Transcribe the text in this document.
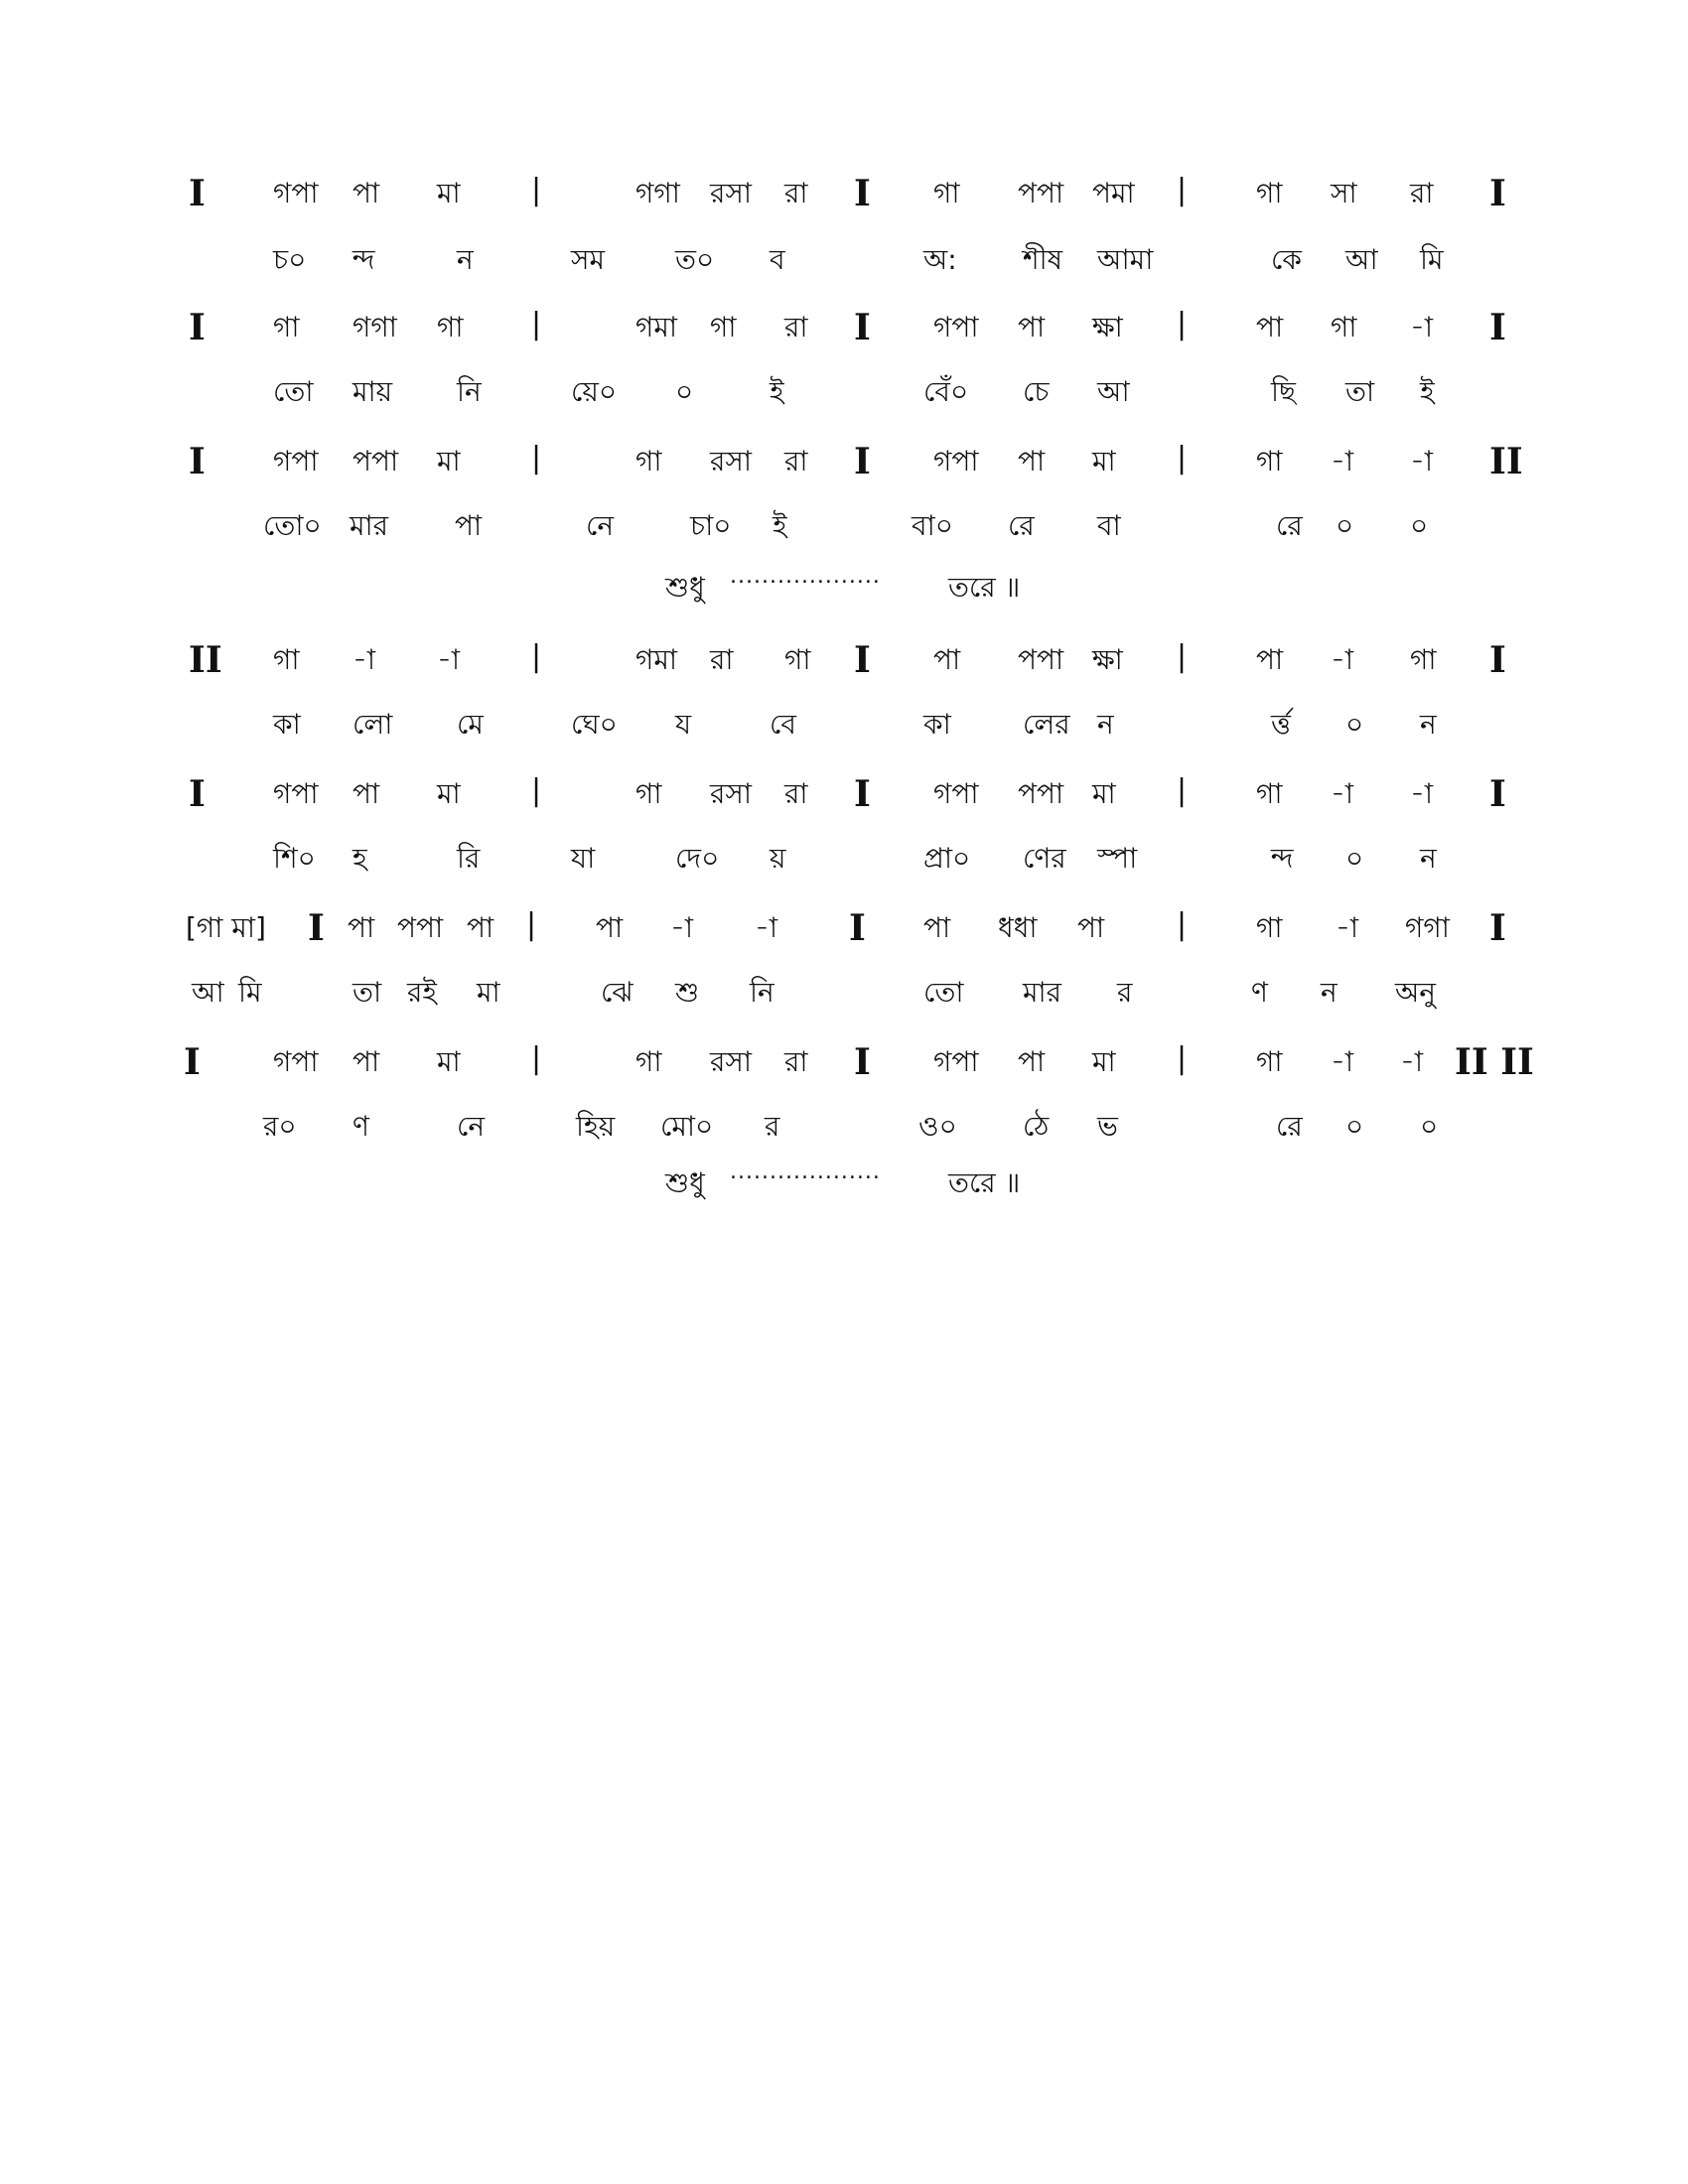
I গপা পা মা |	গগা রসা রা I গা পপা পমা | গা সা রা I
চ০ ন্দ	ন	সম	ত০ ব	অ: শীষ আমা	কে আ মি
I গা গগা গা |	গমা গা রা I গপা পা ক্ষা | পা গা -া I
তো মায় নি	য়ে০ ০	ই	বেঁ০ চে আ	ছি তা ই
I গপা পপা মা |	গা রসা রা I গপা পা মা | গা -া -া II
তো০ মার পা	নে	চা০ ই	বা০ রে বা	রে ০ ০
II গা -া -া |	গমা রা গা I পা পপা ক্ষা | পা -া গা I
কা লো মে	ঘে০ য	বে	কা	লের ন	র্ত্ত ০ ন
I গপা পা মা |	গা রসা রা I গপা পপা মা | গা -া -া I
শি০ হ	রি	যা	দে০ য়	প্রা০ ণের স্পা	ন্দ ০ ন
[গা মা] I পা পপা পা | পা -া -া I পা ধধা পা | গা -া গগা I
আ মি	তা রই মা	ঝে শু নি	তো মার র	ণ ন অনু
I	গপা পা মা |	গা রসা রা I গপা পা মা | গা -া -া II II
র০ ণ	নে	হিয় মো০ র	ও০ ঠে ভ	রে ০ ০
শুধু ................... তরে ॥
শুধু ................... তরে ॥
